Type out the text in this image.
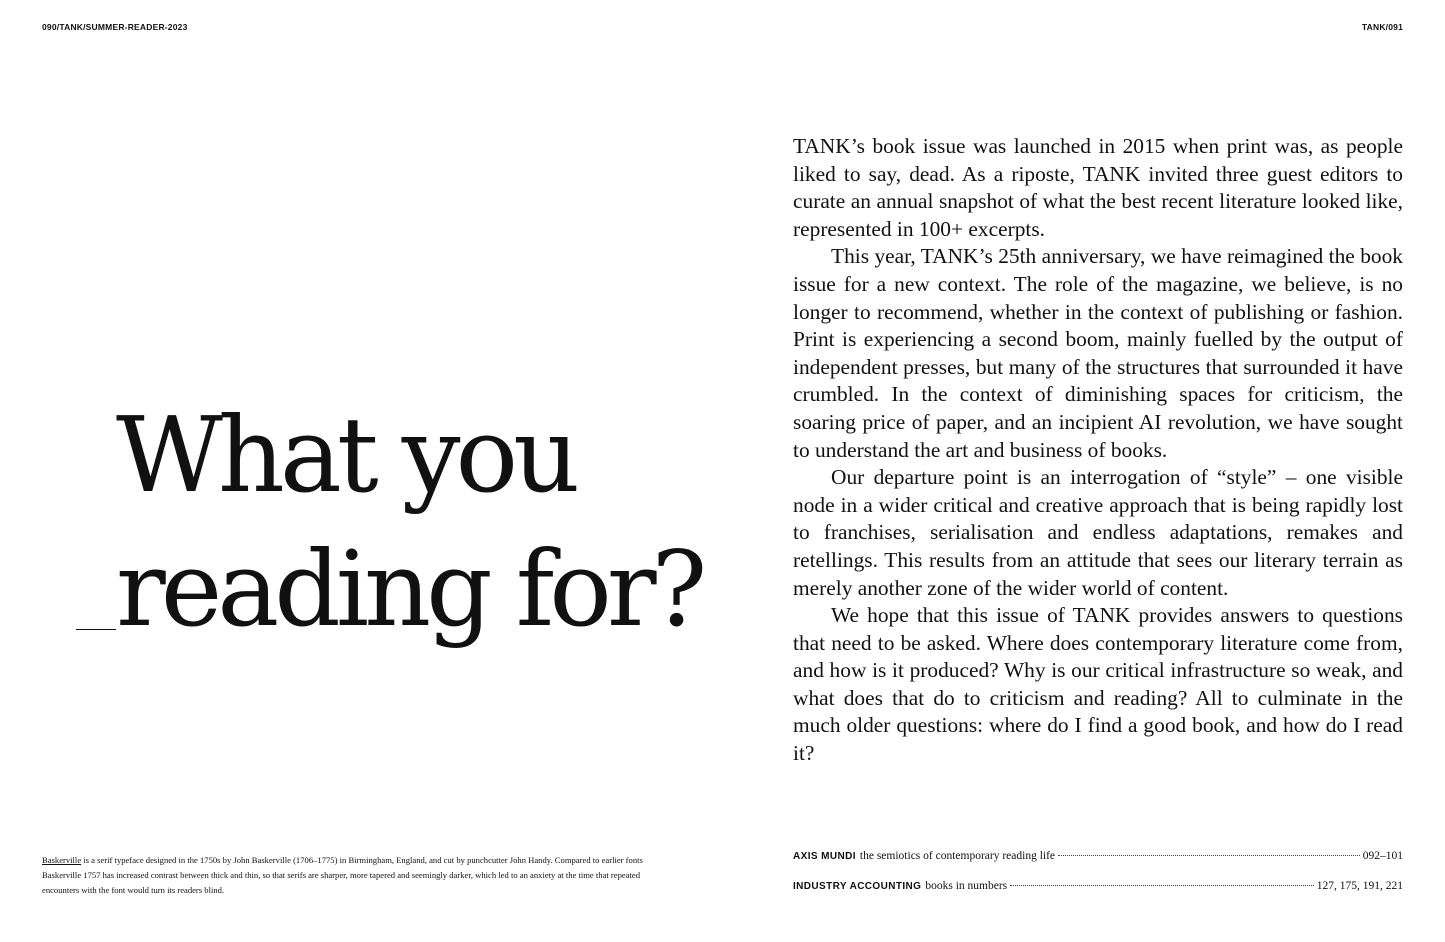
090/TANK/SUMMER-READER-2023	TANK/091
What you
reading for?

TANK’s book issue was launched in 2015 when print was, as people liked to say, dead. As a riposte, TANK invited three guest editors to curate an annual snapshot of what the best recent literature looked like, represented in 100+ excerpts.

This year, TANK’s 25th anniversary, we have reimagined the book issue for a new context. The role of the magazine, we believe, is no longer to recommend, whether in the context of publishing or fashion. Print is experiencing a second boom, mainly fuelled by the output of independent presses, but many of the structures that surrounded it have crumbled. In the context of diminishing spaces for criticism, the soaring price of paper, and an incipient AI revolution, we have sought to understand the art and business of books.

Our departure point is an interrogation of “style” – one visible node in a wider critical and creative approach that is being rapidly lost to franchises, serialisation and endless adaptations, remakes and retellings. This results from an attitude that sees our literary terrain as merely another zone of the wider world of content.

We hope that this issue of TANK provides answers to questions that need to be asked. Where does contemporary literature come from, and how is it produced? Why is our critical infrastructure so weak, and what does that do to criticism and reading? All to culminate in the much older questions: where do I find a good book, and how do I read it?

Baskerville is a serif typeface designed in the 1750s by John Baskerville (1706–1775) in Birmingham, England, and cut by punchcutter John Handy. Compared to earlier fonts Baskerville 1757 has increased contrast between thick and thin, so that serifs are sharper, more tapered and seemingly darker, which led to an anxiety at the time that repeated encounters with the font would turn its readers blind.
AXIS MUNDI the semiotics of contemporary reading life	092–101
INDUSTRY ACCOUNTING books in numbers	127, 175, 191, 221
